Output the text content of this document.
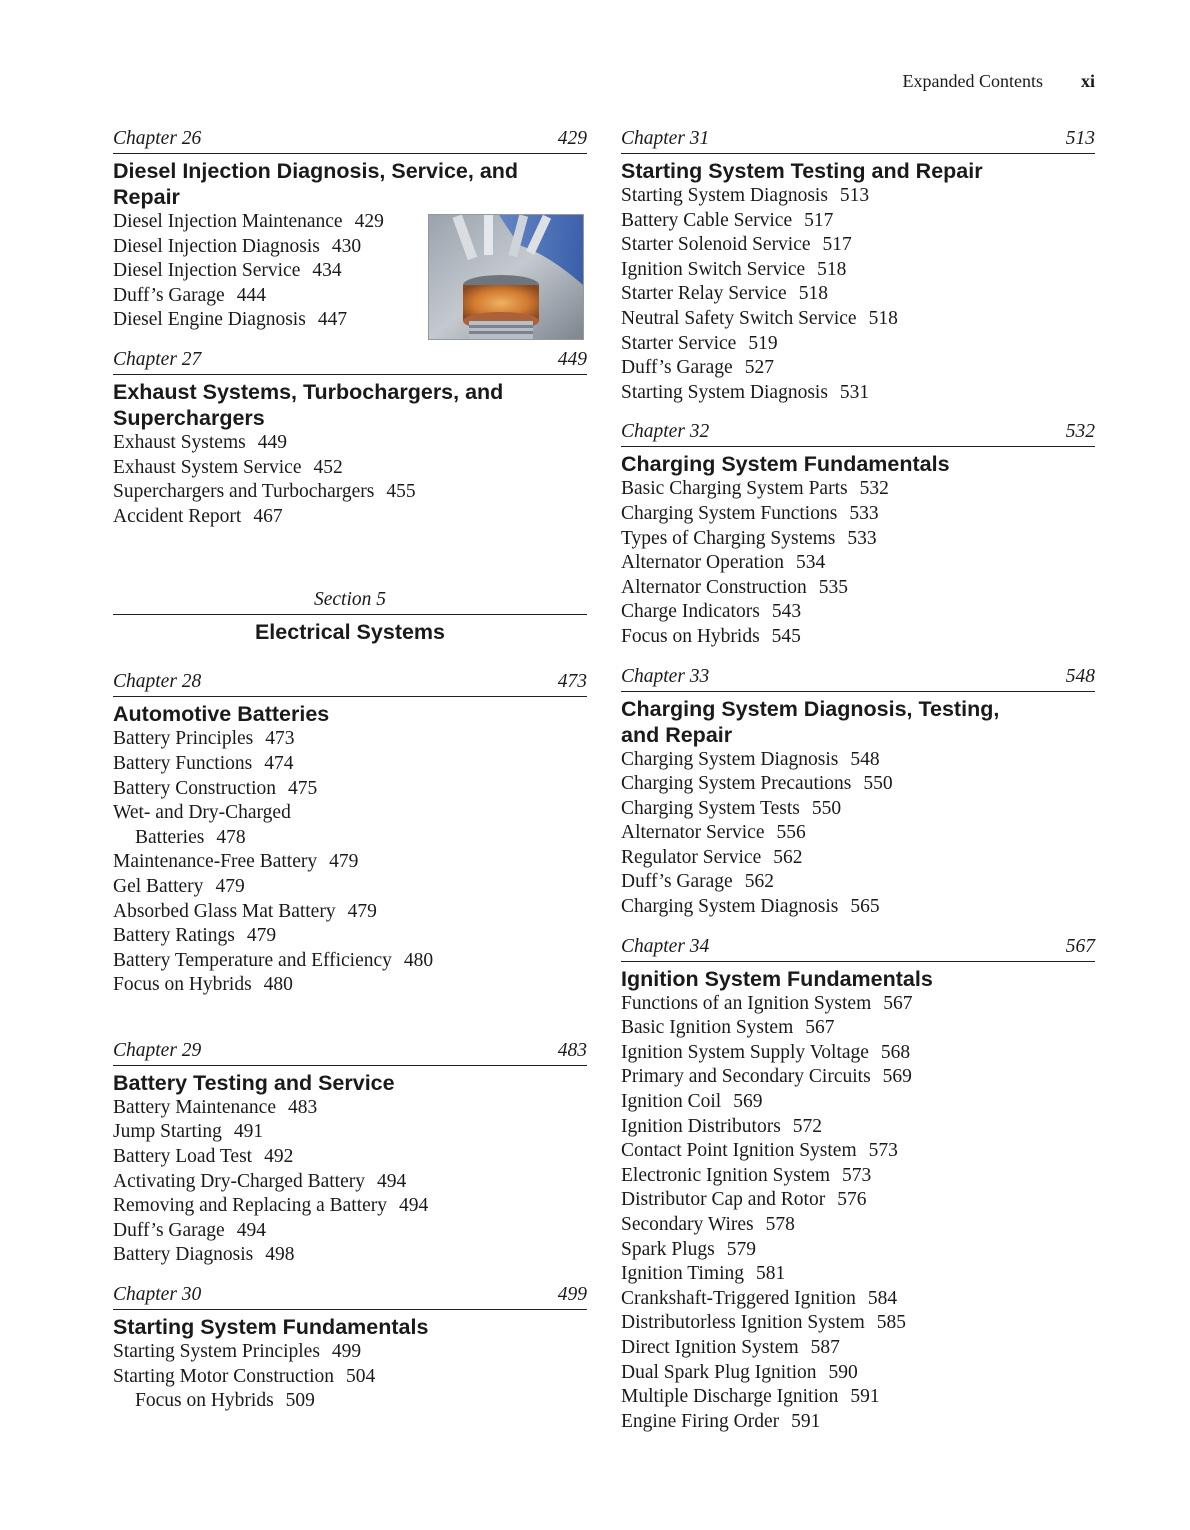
Expanded Contents xi
Chapter 26	429
Diesel Injection Diagnosis, Service, and
Repair
Diesel Injection Maintenance 429
Diesel Injection Diagnosis 430
Diesel Injection Service 434
Duff’s Garage 444
Diesel Engine Diagnosis 447
Chapter 27	449
Exhaust Systems, Turbochargers, and
Superchargers
Exhaust Systems 449
Exhaust System Service 452
Superchargers and Turbochargers 455
Accident Report 467
Section 5
Electrical Systems
Chapter 28	473
Automotive Batteries
Battery Principles 473
Battery Functions 474
Battery Construction 475
Wet- and Dry-Charged
Batteries 478
Maintenance-Free Battery 479
Gel Battery 479
Absorbed Glass Mat Battery 479
Battery Ratings 479
Battery Temperature and Efficiency 480
Focus on Hybrids 480
Chapter 29	483
Battery Testing and Service
Battery Maintenance 483
Jump Starting 491
Battery Load Test 492
Activating Dry-Charged Battery 494
Removing and Replacing a Battery 494
Duff’s Garage 494
Battery Diagnosis 498
Chapter 30	499
Starting System Fundamentals
Starting System Principles 499
Starting Motor Construction 504
Focus on Hybrids 509
Chapter 31	513
Starting System Testing and Repair
Starting System Diagnosis 513
Battery Cable Service 517
Starter Solenoid Service 517
Ignition Switch Service 518
Starter Relay Service 518
Neutral Safety Switch Service 518
Starter Service 519
Duff’s Garage 527
Starting System Diagnosis 531
Chapter 32	532
Charging System Fundamentals
Basic Charging System Parts 532
Charging System Functions 533
Types of Charging Systems 533
Alternator Operation 534
Alternator Construction 535
Charge Indicators 543
Focus on Hybrids 545
Chapter 33	548
Charging System Diagnosis, Testing,
and Repair
Charging System Diagnosis 548
Charging System Precautions 550
Charging System Tests 550
Alternator Service 556
Regulator Service 562
Duff’s Garage 562
Charging System Diagnosis 565
Chapter 34	567
Ignition System Fundamentals
Functions of an Ignition System 567
Basic Ignition System 567
Ignition System Supply Voltage 568
Primary and Secondary Circuits 569
Ignition Coil 569
Ignition Distributors 572
Contact Point Ignition System 573
Electronic Ignition System 573
Distributor Cap and Rotor 576
Secondary Wires 578
Spark Plugs 579
Ignition Timing 581
Crankshaft-Triggered Ignition 584
Distributorless Ignition System 585
Direct Ignition System 587
Dual Spark Plug Ignition 590
Multiple Discharge Ignition 591
Engine Firing Order 591
